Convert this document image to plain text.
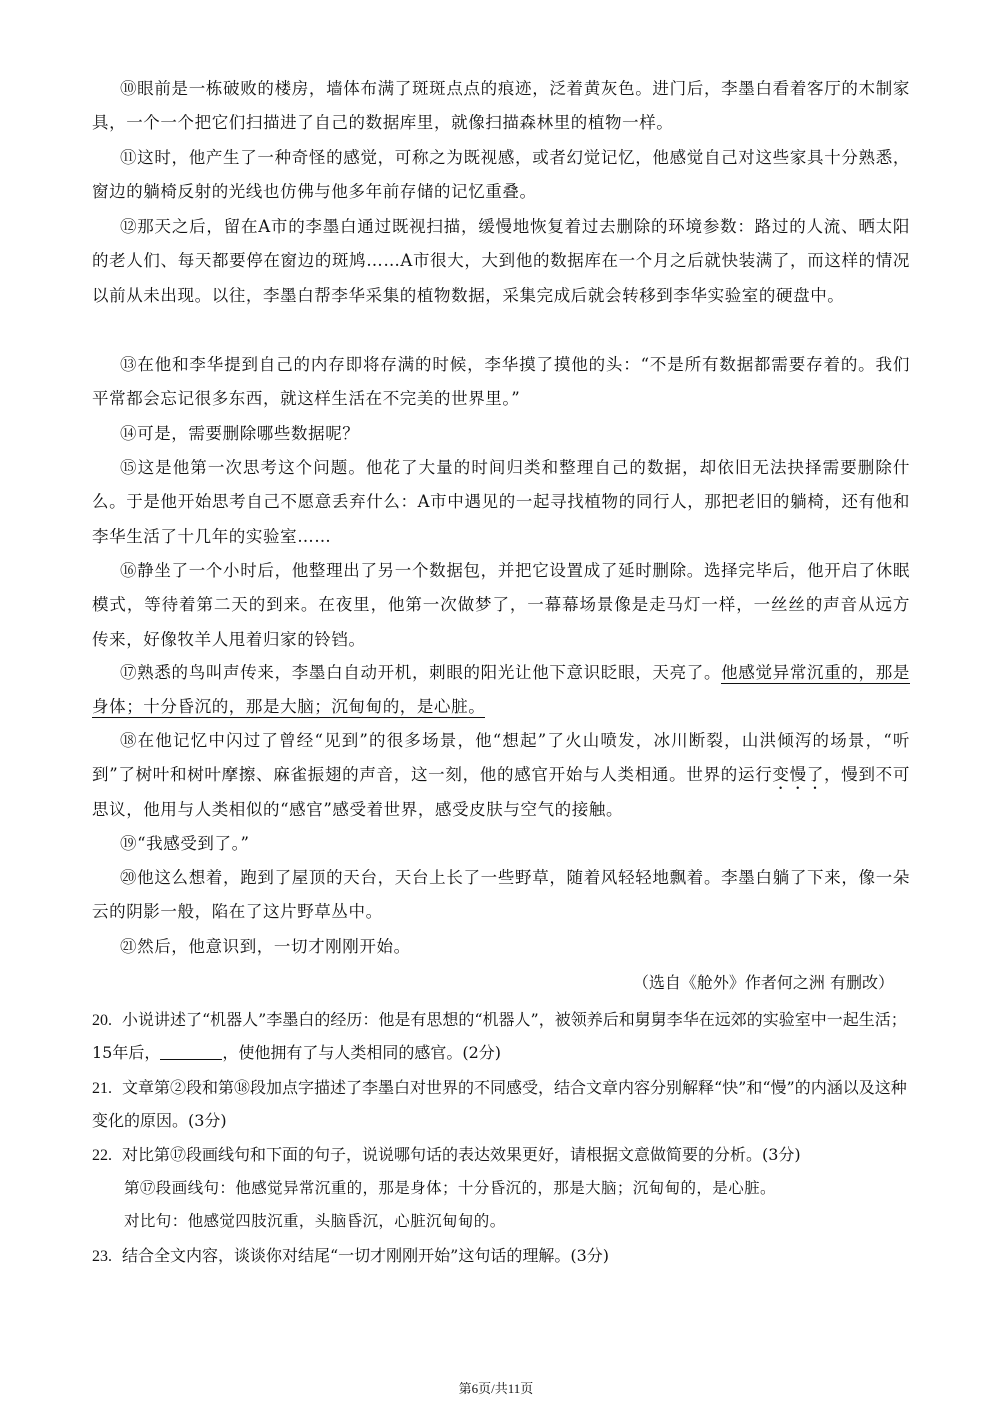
⑩眼前是一栋破败的楼房，墙体布满了斑斑点点的痕迹，泛着黄灰色。进门后，李墨白看着客厅的木制家具，一个一个把它们扫描进了自己的数据库里，就像扫描森林里的植物一样。

⑪这时，他产生了一种奇怪的感觉，可称之为既视感，或者幻觉记忆，他感觉自己对这些家具十分熟悉，窗边的躺椅反射的光线也仿佛与他多年前存储的记忆重叠。

⑫那天之后，留在A市的李墨白通过既视扫描，缓慢地恢复着过去删除的环境参数：路过的人流、晒太阳的老人们、每天都要停在窗边的斑鸠……A市很大，大到他的数据库在一个月之后就快装满了，而这样的情况以前从未出现。以往，李墨白帮李华采集的植物数据，采集完成后就会转移到李华实验室的硬盘中。

⑬在他和李华提到自己的内存即将存满的时候，李华摸了摸他的头：“不是所有数据都需要存着的。我们平常都会忘记很多东西，就这样生活在不完美的世界里。”

⑭可是，需要删除哪些数据呢？

⑮这是他第一次思考这个问题。他花了大量的时间归类和整理自己的数据，却依旧无法抉择需要删除什么。于是他开始思考自己不愿意丢弃什么：A市中遇见的一起寻找植物的同行人，那把老旧的躺椅，还有他和李华生活了十几年的实验室……

⑯静坐了一个小时后，他整理出了另一个数据包，并把它设置成了延时删除。选择完毕后，他开启了休眠模式，等待着第二天的到来。在夜里，他第一次做梦了，一幕幕场景像是走马灯一样，一丝丝的声音从远方传来，好像牧羊人甩着归家的铃铛。

⑰熟悉的鸟叫声传来，李墨白自动开机，刺眼的阳光让他下意识眨眼，天亮了。他感觉异常沉重的，那是身体；十分昏沉的，那是大脑；沉甸甸的，是心脏。

⑱在他记忆中闪过了曾经“见到”的很多场景，他“想起”了火山喷发，冰川断裂，山洪倾泻的场景，“听到”了树叶和树叶摩擦、麻雀振翅的声音，这一刻，他的感官开始与人类相通。世界的运行变慢了，慢到不可思议，他用与人类相似的“感官”感受着世界，感受皮肤与空气的接触。

⑲“我感受到了。”

⑳他这么想着，跑到了屋顶的天台，天台上长了一些野草，随着风轻轻地飘着。李墨白躺了下来，像一朵云的阴影一般，陷在了这片野草丛中。

㉑然后，他意识到，一切才刚刚开始。

（选自《舱外》作者何之洲 有删改）

20. 小说讲述了“机器人”李墨白的经历：他是有思想的“机器人”，被领养后和舅舅李华在远郊的实验室中一起生活；15年后，	，使他拥有了与人类相同的感官。(2分)

21. 文章第②段和第⑱段加点字描述了李墨白对世界的不同感受，结合文章内容分别解释“快”和“慢”的内涵以及这种变化的原因。(3分)

22. 对比第⑰段画线句和下面的句子，说说哪句话的表达效果更好，请根据文意做简要的分析。(3分)

第⑰段画线句：他感觉异常沉重的，那是身体；十分昏沉的，那是大脑；沉甸甸的，是心脏。

对比句：他感觉四肢沉重，头脑昏沉，心脏沉甸甸的。

23. 结合全文内容，谈谈你对结尾“一切才刚刚开始”这句话的理解。(3分)

第6页/共11页
